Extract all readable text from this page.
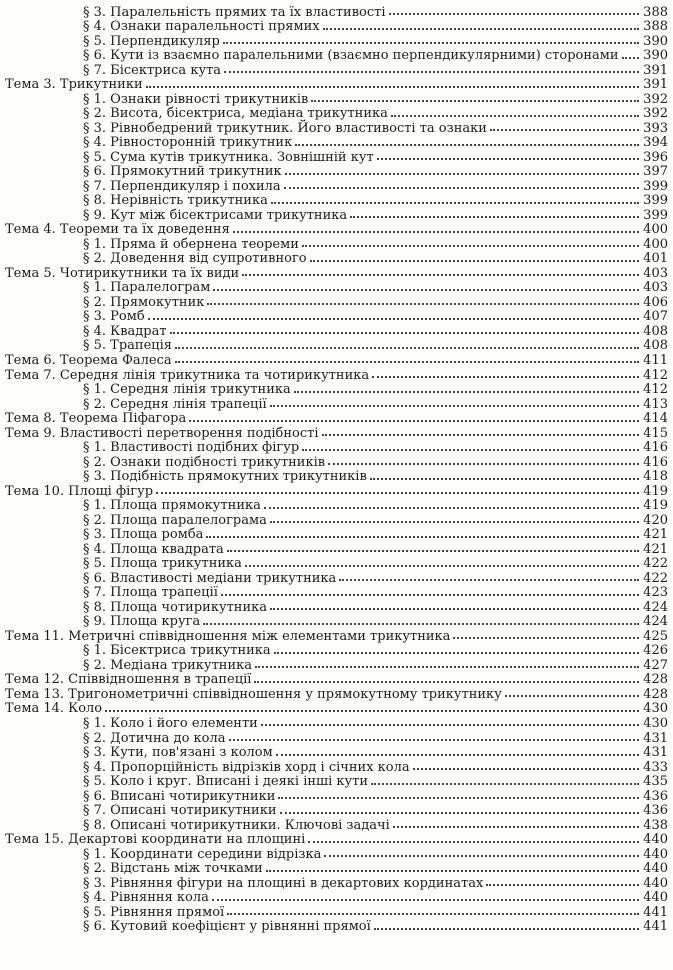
§ 3. Паралельність прямих та їх властивості	388
§ 4. Ознаки паралельності прямих	388
§ 5. Перпендикуляр	390
§ 6. Кути із взаємно паралельними (взаємно перпендикулярними) сторонами 390
§ 7. Бісектриса кута	391
Тема 3. Трикутники	391
§ 1. Ознаки рівності трикутників	392
§ 2. Висота, бісектриса, медіана трикутника	392
§ 3. Рівнобедрений трикутник. Його властивості та ознаки	393
§ 4. Рівносторонній трикутник	394
§ 5. Сума кутів трикутника. Зовнішній кут	396
§ 6. Прямокутний трикутник	397
§ 7. Перпендикуляр і похила	399
§ 8. Нерівність трикутника	399
§ 9. Кут між бісектрисами трикутника	399
Тема 4. Теореми та їх доведення	400
§ 1. Пряма й обернена теореми	400
§ 2. Доведення від супротивного	401
Тема 5. Чотирикутники та їх види	403
§ 1. Паралелограм	403
§ 2. Прямокутник	406
§ 3. Ромб	407
§ 4. Квадрат	408
§ 5. Трапеція	408
Тема 6. Теорема Фалеса	411
Тема 7. Середня лінія трикутника та чотирикутника	412
§ 1. Середня лінія трикутника	412
§ 2. Середня лінія трапеції	413
Тема 8. Теорема Піфагора	414
Тема 9. Властивості перетворення подібності	415
§ 1. Властивості подібних фігур	416
§ 2. Ознаки подібності трикутників	416
§ 3. Подібність прямокутних трикутників	418
Тема 10. Площі фігур	419
§ 1. Площа прямокутника	419
§ 2. Площа паралелограма	420
§ 3. Площа ромба	421
§ 4. Площа квадрата	421
§ 5. Площа трикутника	422
§ 6. Властивості медіани трикутника	422
§ 7. Площа трапеції	423
§ 8. Площа чотирикутника	424
§ 9. Площа круга	424
Тема 11. Метричні співвідношення між елементами трикутника	425
§ 1. Бісектриса трикутника	426
§ 2. Медіана трикутника	427
Тема 12. Співвідношення в трапеції	428
Тема 13. Тригонометричні співвідношення у прямокутному трикутнику	428
Тема 14. Коло	430
§ 1. Коло і його елементи	430
§ 2. Дотична до кола	431
§ 3. Кути, пов'язані з колом	431
§ 4. Пропорційність відрізків хорд і січних кола	433
§ 5. Коло і круг. Вписані і деякі інші кути	435
§ 6. Вписані чотирикутники	436
§ 7. Описані чотирикутники	436
§ 8. Описані чотирикутники. Ключові задачі	438
Тема 15. Декартові координати на площині	440
§ 1. Координати середини відрізка	440
§ 2. Відстань між точками	440
§ 3. Рівняння фігури на площині в декартових кординатах	440
§ 4. Рівняння кола	440
§ 5. Рівняння прямої	441
§ 6. Кутовий коефіцієнт у рівнянні прямої	441
